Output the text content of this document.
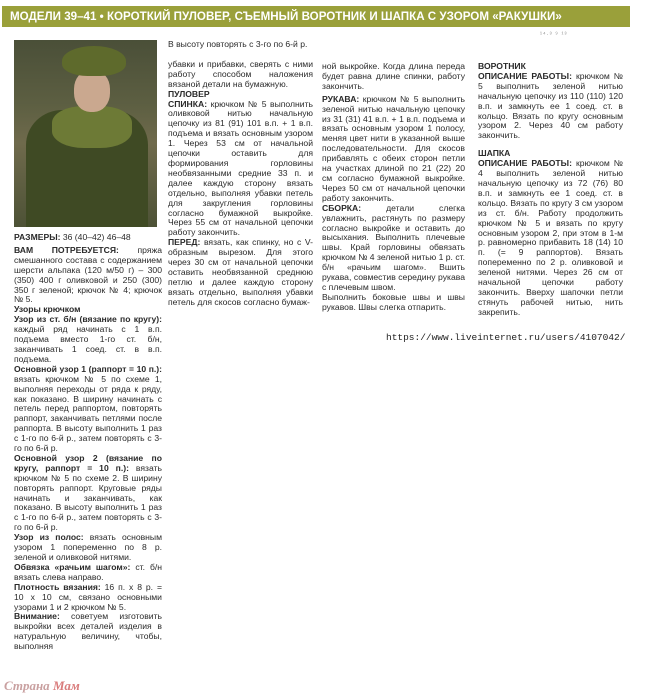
МОДЕЛИ 39–41 • КОРОТКИЙ ПУЛОВЕР, СЪЕМНЫЙ ВОРОТНИК И ШАПКА С УЗОРОМ «РАКУШКИ»
¹⁴·³ ⁹ ¹³

РАЗМЕРЫ: 36 (40–42) 46–48

ВАМ ПОТРЕБУЕТСЯ: пряжа смешанного состава с содержанием шерсти альпака (120 м/50 г) – 300 (350) 400 г оливковой и 250 (300) 350 г зеленой; крючок № 4; крючок № 5.

Узоры крючком

Узор из ст. б/н (вязание по кругу): каждый ряд начинать с 1 в.п. подъема вместо 1-го ст. б/н, заканчивать 1 соед. ст. в в.п. подъема.

Основной узор 1 (раппорт = 10 п.): вязать крючком № 5 по схеме 1, выполняя переходы от ряда к ряду, как показано. В ширину начинать с петель перед раппортом, повторять раппорт, заканчивать петлями после раппорта. В высоту выполнить 1 раз с 1-го по 6-й р., затем повторять с 3-го по 6-й р.

Основной узор 2 (вязание по кругу, раппорт = 10 п.): вязать крючком № 5 по схеме 2. В ширину повторять раппорт. Круговые ряды начинать и заканчивать, как показано. В высоту выполнить 1 раз с 1-го по 6-й р., затем повторять с 3-го по 6-й р.

Узор из полос: вязать основным узором 1 попеременно по 8 р. зеленой и оливковой нитями.

Обвязка «рачьим шагом»: ст. б/н вязать слева направо.

Плотность вязания: 16 п. х 8 р. = 10 х 10 см, связано основными узорами 1 и 2 крючком № 5.

Внимание: советуем изготовить выкройки всех деталей изделия в натуральную величину, чтобы, выполняя

В высоту повторять с 3-го по 6-й р.

убавки и прибавки, сверять с ними работу способом наложения вязаной детали на бумажную.

ПУЛОВЕР

СПИНКА: крючком № 5 выполнить оливковой нитью начальную цепочку из 81 (91) 101 в.п. + 1 в.п. подъема и вязать основным узором 1. Через 53 см от начальной цепочки оставить для формирования горловины необвязанными средние 33 п. и далее каждую сторону вязать отдельно, выполняя убавки петель для закругления горловины согласно бумажной выкройке. Через 55 см от начальной цепочки работу закончить.

ПЕРЕД: вязать, как спинку, но с V-образным вырезом. Для этого через 30 см от начальной цепочки оставить необвязанной среднюю петлю и далее каждую сторону вязать отдельно, выполняя убавки петель для скосов согласно бумаж-

ной выкройке. Когда длина переда будет равна длине спинки, работу закончить.

РУКАВА: крючком № 5 выполнить зеленой нитью начальную цепочку из 31 (31) 41 в.п. + 1 в.п. подъема и вязать основным узором 1 полосу, меняя цвет нити в указанной выше последовательности. Для скосов прибавлять с обеих сторон петли на участках длиной по 21 (22) 20 см согласно бумажной выкройке. Через 50 см от начальной цепочки работу закончить.

СБОРКА: детали слегка увлажнить, растянуть по размеру согласно выкройке и оставить до высыхания. Выполнить плечевые швы. Край горловины обвязать крючком № 4 зеленой нитью 1 р. ст. б/н «рачьим шагом». Вшить рукава, совместив середину рукава с плечевым швом.

Выполнить боковые швы и швы рукавов. Швы слегка отпарить.

ВОРОТНИК

ОПИСАНИЕ РАБОТЫ: крючком № 5 выполнить зеленой нитью начальную цепочку из 110 (110) 120 в.п. и замкнуть ее 1 соед. ст. в кольцо. Вязать по кругу основным узором 2. Через 40 см работу закончить.

ШАПКА

ОПИСАНИЕ РАБОТЫ: крючком № 4 выполнить зеленой нитью начальную цепочку из 72 (76) 80 в.п. и замкнуть ее 1 соед. ст. в кольцо. Вязать по кругу 3 см узором из ст. б/н. Работу продолжить крючком № 5 и вязать по кругу основным узором 2, при этом в 1-м р. равномерно прибавить 18 (14) 10 п. (= 9 раппортов). Вязать попеременно по 2 р. оливковой и зеленой нитями. Через 26 см от начальной цепочки работу закончить. Вверху шапочки петли стянуть рабочей нитью, нить закрепить.

https://www.liveinternet.ru/users/4107042/
Страна Мам
